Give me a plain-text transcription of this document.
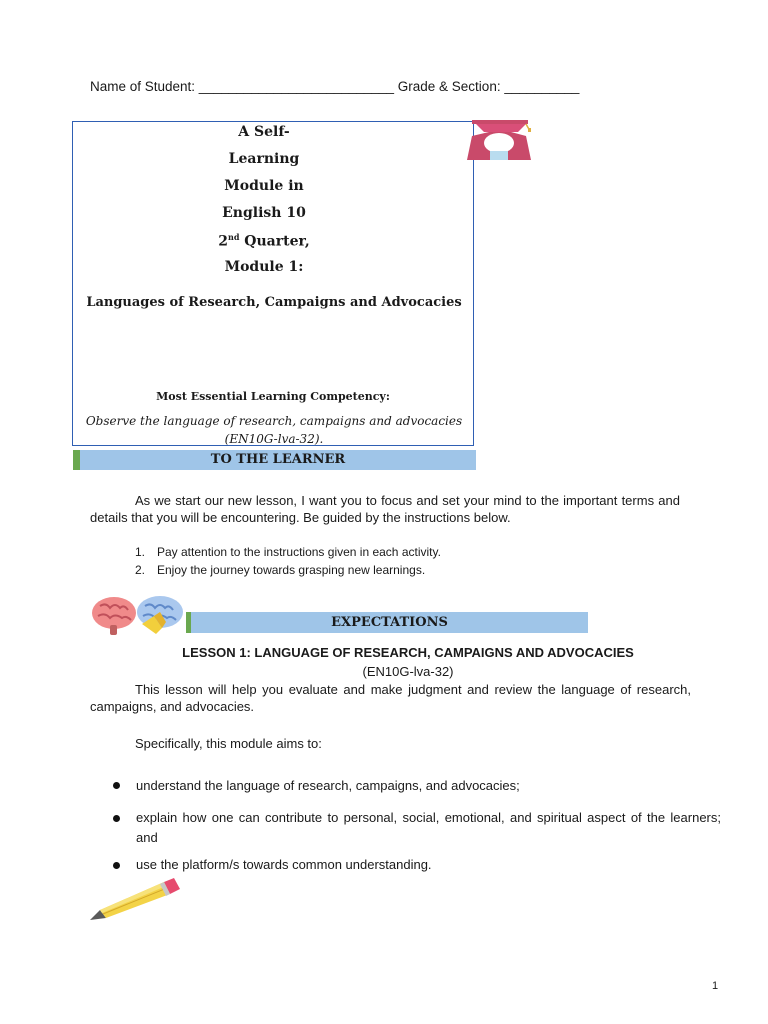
Name of Student: __________________________ Grade & Section: __________
A Self-
Learning
Module in
English 10
2nd Quarter,
Module 1:
Languages of Research, Campaigns and Advocacies
Most Essential Learning Competency:
Observe the language of research, campaigns and advocacies (EN10G-lva-32).
TO THE LEARNER
As we start our new lesson, I want you to focus and set your mind to the important terms and details that you will be encountering. Be guided by the instructions below.
1. Pay attention to the instructions given in each activity.
2. Enjoy the journey towards grasping new learnings.
EXPECTATIONS
LESSON 1: LANGUAGE OF RESEARCH, CAMPAIGNS AND ADVOCACIES
(EN10G-lva-32)
This lesson will help you evaluate and make judgment and review the language of research, campaigns, and advocacies.
Specifically, this module aims to:
understand the language of research, campaigns, and advocacies;
explain how one can contribute to personal, social, emotional, and spiritual aspect of the learners; and
use the platform/s towards common understanding.
1
